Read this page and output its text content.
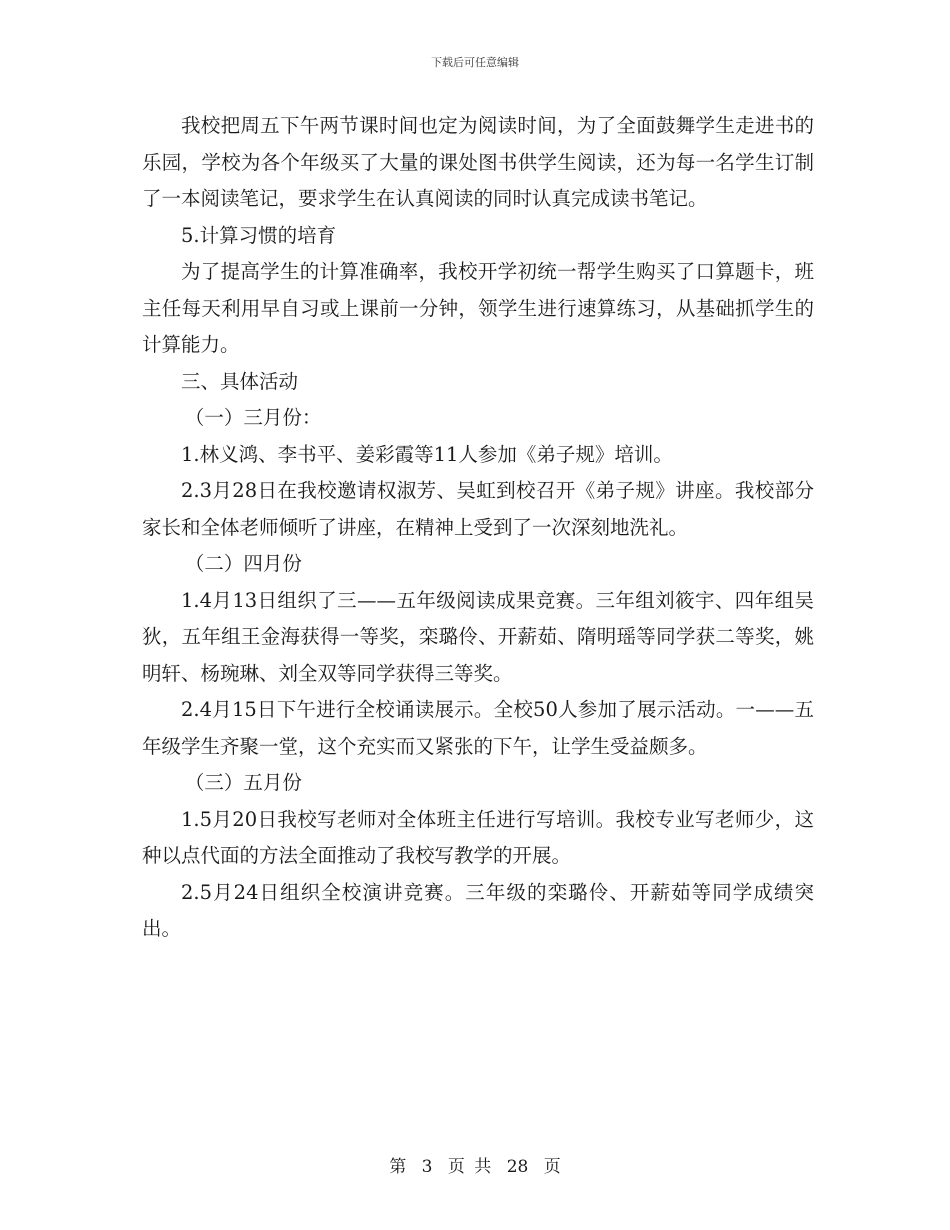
下载后可任意编辑

我校把周五下午两节课时间也定为阅读时间，为了全面鼓舞学生走进书的乐园，学校为各个年级买了大量的课处图书供学生阅读，还为每一名学生订制了一本阅读笔记，要求学生在认真阅读的同时认真完成读书笔记。

5.计算习惯的培育

为了提高学生的计算准确率，我校开学初统一帮学生购买了口算题卡，班主任每天利用早自习或上课前一分钟，领学生进行速算练习，从基础抓学生的计算能力。

三、具体活动

（一）三月份：

1.林义鸿、李书平、姜彩霞等11人参加《弟子规》培训。

2.3月28日在我校邀请权淑芳、吴虹到校召开《弟子规》讲座。我校部分家长和全体老师倾听了讲座，在精神上受到了一次深刻地洗礼。

（二）四月份

1.4月13日组织了三——五年级阅读成果竞赛。三年组刘筱宇、四年组吴狄，五年组王金海获得一等奖，栾璐伶、开薪茹、隋明瑶等同学获二等奖，姚明轩、杨琬琳、刘全双等同学获得三等奖。

2.4月15日下午进行全校诵读展示。全校50人参加了展示活动。一——五年级学生齐聚一堂，这个充实而又紧张的下午，让学生受益颇多。

（三）五月份

1.5月20日我校写老师对全体班主任进行写培训。我校专业写老师少，这种以点代面的方法全面推动了我校写教学的开展。

2.5月24日组织全校演讲竞赛。三年级的栾璐伶、开薪茹等同学成绩突出。

第 3 页 共 28 页
